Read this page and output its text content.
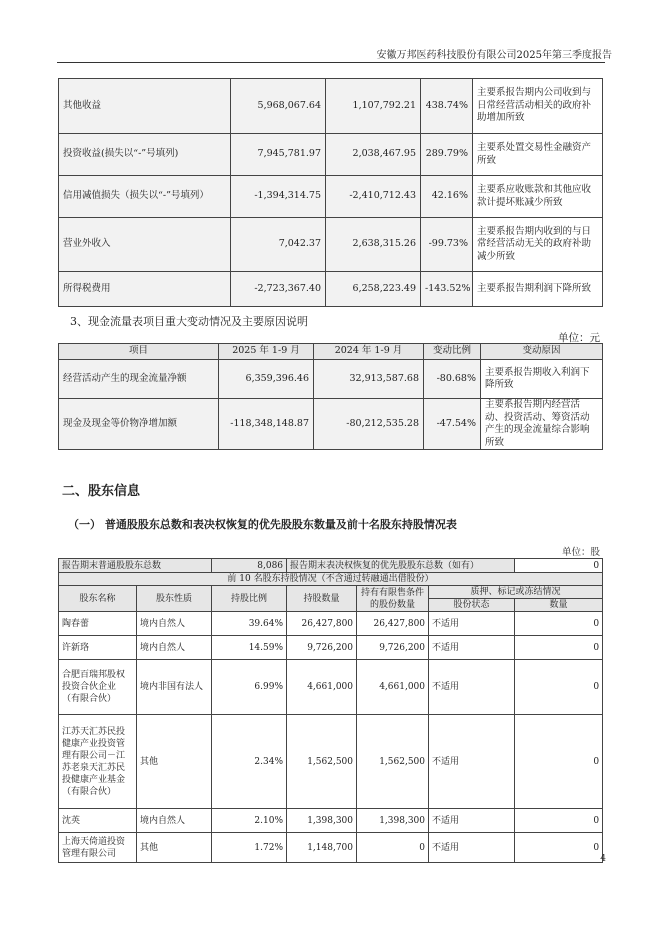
安徽万邦医药科技股份有限公司2025年第三季度报告
其他收益	5,968,067.64	1,107,792.21	438.74%	主要系报告期内公司收到与日常经营活动相关的政府补助增加所致
投资收益(损失以“-”号填列)	7,945,781.97	2,038,467.95	289.79%	主要系处置交易性金融资产所致
信用减值损失（损失以“-”号填列）	-1,394,314.75	-2,410,712.43	42.16%	主要系应收账款和其他应收款计提坏账减少所致
营业外收入	7,042.37	2,638,315.26	-99.73%	主要系报告期内收到的与日常经营活动无关的政府补助减少所致
所得税费用	-2,723,367.40	6,258,223.49	-143.52%	主要系报告期利润下降所致
3、现金流量表项目重大变动情况及主要原因说明
单位：元
项目	2025 年 1-9 月	2024 年 1-9 月	变动比例	变动原因
经营活动产生的现金流量净额	6,359,396.46	32,913,587.68	-80.68%	主要系报告期收入利润下降所致
现金及现金等价物净增加额	-118,348,148.87	-80,212,535.28	-47.54%	主要系报告期内经营活动、投资活动、筹资活动产生的现金流量综合影响所致
二、股东信息
（一） 普通股股东总数和表决权恢复的优先股股东数量及前十名股东持股情况表
单位：股
报告期末普通股股东总数		8,086	报告期末表决权恢复的优先股股东总数（如有）			0
前 10 名股东持股情况（不含通过转融通出借股份）						
股东名称	股东性质	持股比例	持股数量	持有有限售条件的股份数量	质押、标记或冻结情况	
					股份状态	数量
陶春蕾	境内自然人	39.64%	26,427,800	26,427,800	不适用	0
许新珞	境内自然人	14.59%	9,726,200	9,726,200	不适用	0
合肥百瑞邦股权投资合伙企业（有限合伙）	境内非国有法人	6.99%	4,661,000	4,661,000	不适用	0
江苏天汇苏民投健康产业投资管理有限公司－江苏老泉天汇苏民投健康产业基金（有限合伙）	其他	2.34%	1,562,500	1,562,500	不适用	0
沈英	境内自然人	2.10%	1,398,300	1,398,300	不适用	0
上海天倚道投资管理有限公司	其他	1.72%	1,148,700	0	不适用	0
4
